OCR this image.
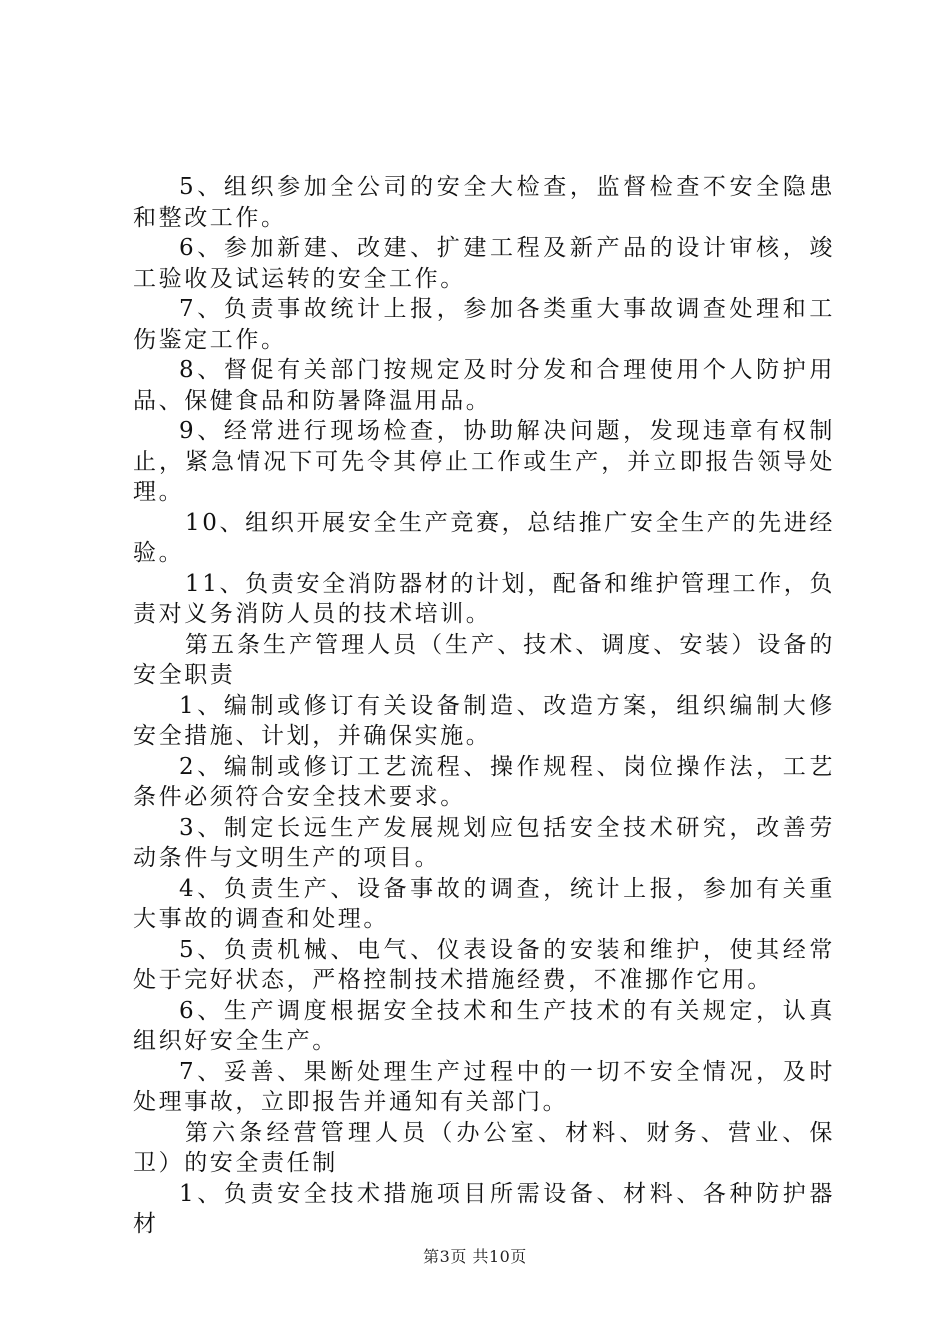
5、组织参加全公司的安全大检查，监督检查不安全隐患和整改工作。

6、参加新建、改建、扩建工程及新产品的设计审核，竣工验收及试运转的安全工作。

7、负责事故统计上报，参加各类重大事故调查处理和工伤鉴定工作。

8、督促有关部门按规定及时分发和合理使用个人防护用品、保健食品和防暑降温用品。

9、经常进行现场检查，协助解决问题，发现违章有权制止，紧急情况下可先令其停止工作或生产，并立即报告领导处理。

10、组织开展安全生产竞赛，总结推广安全生产的先进经验。

11、负责安全消防器材的计划，配备和维护管理工作，负责对义务消防人员的技术培训。

第五条生产管理人员（生产、技术、调度、安装）设备的安全职责

1、编制或修订有关设备制造、改造方案，组织编制大修安全措施、计划，并确保实施。

2、编制或修订工艺流程、操作规程、岗位操作法，工艺条件必须符合安全技术要求。

3、制定长远生产发展规划应包括安全技术研究，改善劳动条件与文明生产的项目。

4、负责生产、设备事故的调查，统计上报，参加有关重大事故的调查和处理。

5、负责机械、电气、仪表设备的安装和维护，使其经常处于完好状态，严格控制技术措施经费，不准挪作它用。

6、生产调度根据安全技术和生产技术的有关规定，认真组织好安全生产。

7、妥善、果断处理生产过程中的一切不安全情况，及时处理事故，立即报告并通知有关部门。

第六条经营管理人员（办公室、材料、财务、营业、保卫）的安全责任制

1、负责安全技术措施项目所需设备、材料、各种防护器材

第3页 共10页
